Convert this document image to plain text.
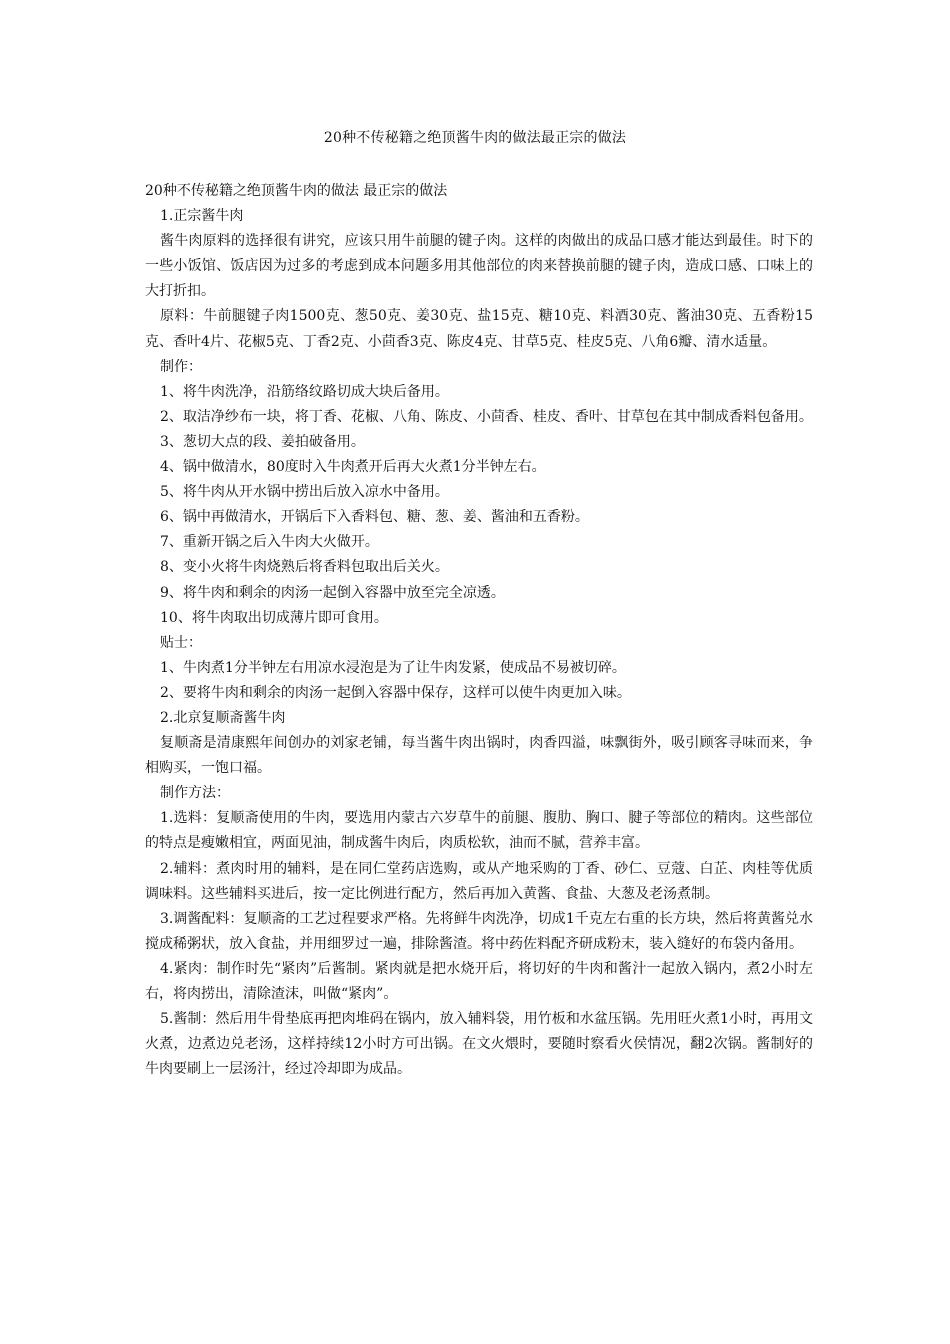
20种不传秘籍之绝顶酱牛肉的做法最正宗的做法

20种不传秘籍之绝顶酱牛肉的做法 最正宗的做法

1.正宗酱牛肉

酱牛肉原料的选择很有讲究，应该只用牛前腿的键子肉。这样的肉做出的成品口感才能达到最佳。时下的一些小饭馆、饭店因为过多的考虑到成本问题多用其他部位的肉来替换前腿的键子肉，造成口感、口味上的大打折扣。

原料：牛前腿键子肉1500克、葱50克、姜30克、盐15克、糖10克、料酒30克、酱油30克、五香粉15克、香叶4片、花椒5克、丁香2克、小茴香3克、陈皮4克、甘草5克、桂皮5克、八角6瓣、清水适量。

制作：

1、将牛肉洗净，沿筋络纹路切成大块后备用。

2、取洁净纱布一块，将丁香、花椒、八角、陈皮、小茴香、桂皮、香叶、甘草包在其中制成香料包备用。

3、葱切大点的段、姜拍破备用。

4、锅中做清水，80度时入牛肉煮开后再大火煮1分半钟左右。

5、将牛肉从开水锅中捞出后放入凉水中备用。

6、锅中再做清水，开锅后下入香料包、糖、葱、姜、酱油和五香粉。

7、重新开锅之后入牛肉大火做开。

8、变小火将牛肉烧熟后将香料包取出后关火。

9、将牛肉和剩余的肉汤一起倒入容器中放至完全凉透。

10、将牛肉取出切成薄片即可食用。

贴士：

1、牛肉煮1分半钟左右用凉水浸泡是为了让牛肉发紧，使成品不易被切碎。

2、要将牛肉和剩余的肉汤一起倒入容器中保存，这样可以使牛肉更加入味。

2.北京复顺斋酱牛肉

复顺斋是清康熙年间创办的刘家老铺，每当酱牛肉出锅时，肉香四溢，味飘街外，吸引顾客寻味而来，争相购买，一饱口福。

制作方法：

1.选料：复顺斋使用的牛肉，要选用内蒙古六岁草牛的前腿、腹肋、胸口、腱子等部位的精肉。这些部位的特点是瘦嫩相宜，两面见油，制成酱牛肉后，肉质松软，油而不腻，营养丰富。

2.辅料：煮肉时用的辅料，是在同仁堂药店选购，或从产地采购的丁香、砂仁、豆蔻、白芷、肉桂等优质调味料。这些辅料买进后，按一定比例进行配方，然后再加入黄酱、食盐、大葱及老汤煮制。

3.调酱配料：复顺斋的工艺过程要求严格。先将鲜牛肉洗净，切成1千克左右重的长方块，然后将黄酱兑水搅成稀粥状，放入食盐，并用细罗过一遍，排除酱渣。将中药佐料配齐研成粉末，装入缝好的布袋内备用。

4.紧肉：制作时先“紧肉”后酱制。紧肉就是把水烧开后，将切好的牛肉和酱汁一起放入锅内，煮2小时左右，将肉捞出，清除渣沫，叫做“紧肉”。

5.酱制：然后用牛骨垫底再把肉堆码在锅内，放入辅料袋，用竹板和水盆压锅。先用旺火煮1小时，再用文火煮，边煮边兑老汤，这样持续12小时方可出锅。在文火煨时，要随时察看火侯情况，翻2次锅。酱制好的牛肉要刷上一层汤汁，经过冷却即为成品。
